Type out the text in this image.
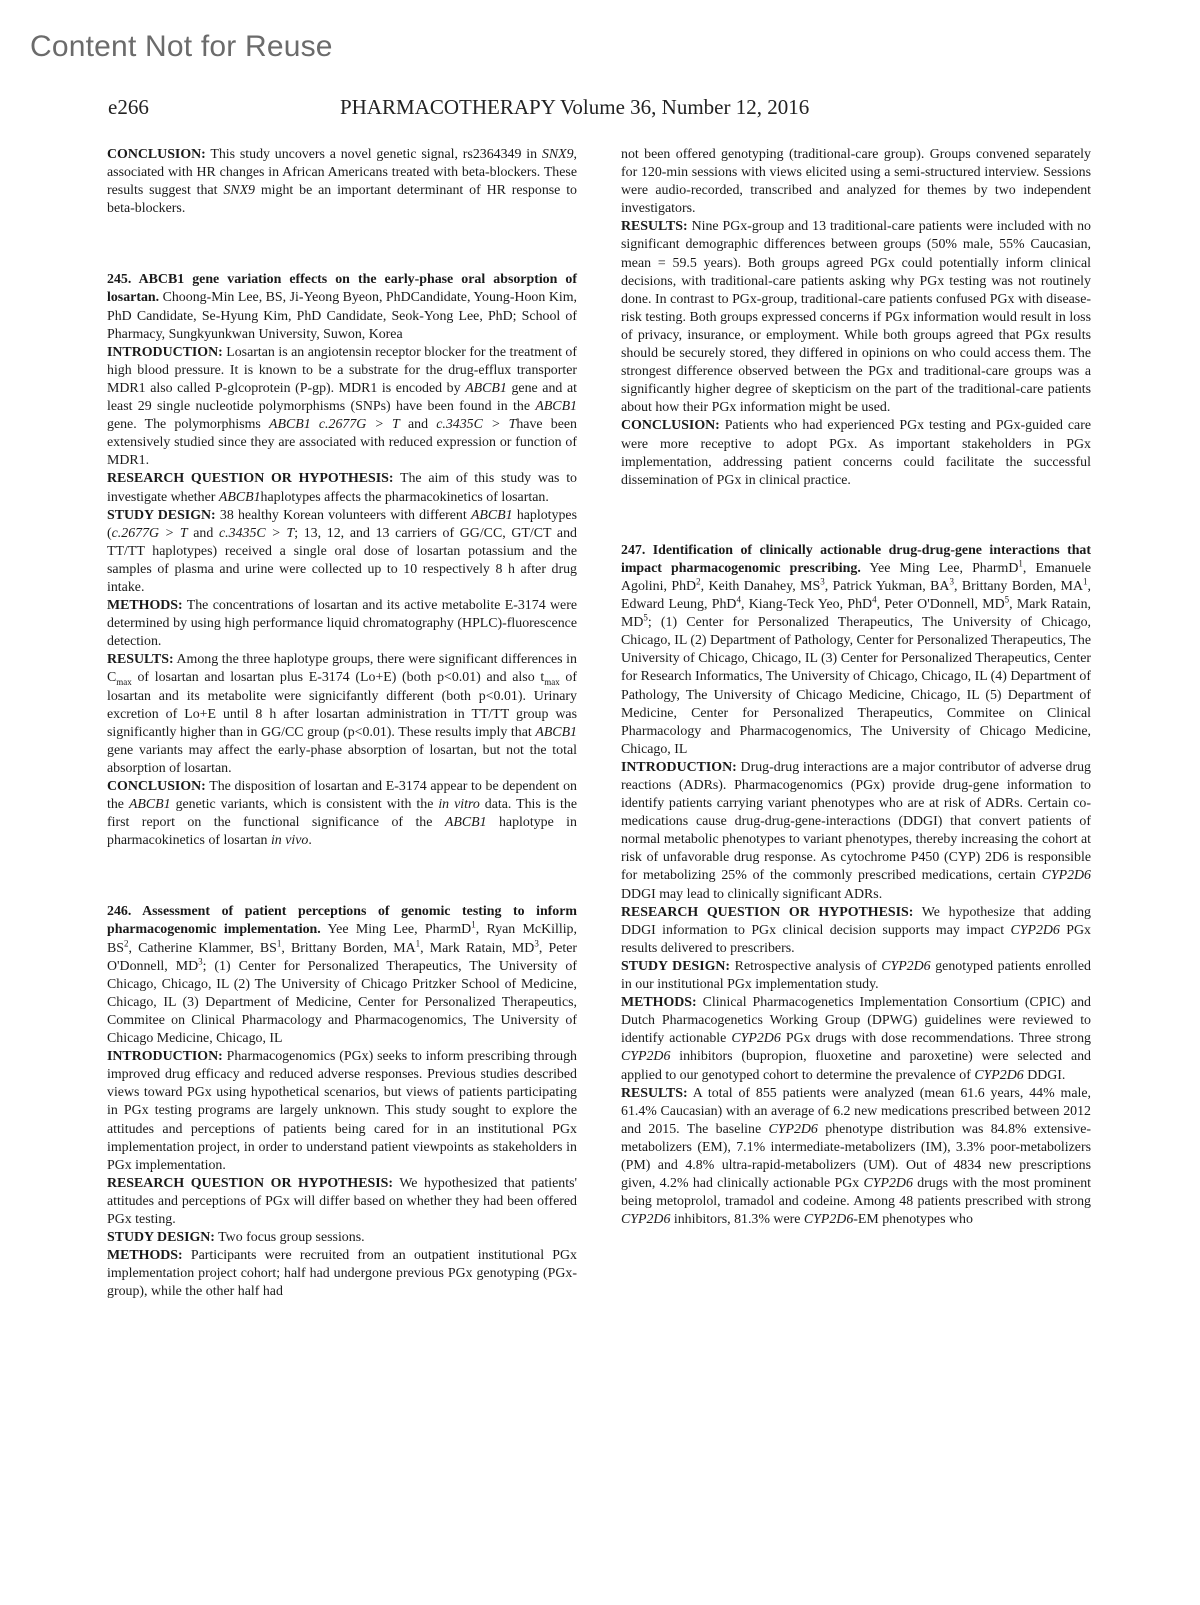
Content Not for Reuse
e266	PHARMACOTHERAPY Volume 36, Number 12, 2016

CONCLUSION: This study uncovers a novel genetic signal, rs2364349 in SNX9, associated with HR changes in African Americans treated with beta-blockers. These results suggest that SNX9 might be an important determinant of HR response to beta-blockers.

245. ABCB1 gene variation effects on the early-phase oral absorption of losartan. Choong-Min Lee, BS, Ji-Yeong Byeon, PhDCandidate, Young-Hoon Kim, PhD Candidate, Se-Hyung Kim, PhD Candidate, Seok-Yong Lee, PhD; School of Pharmacy, Sungkyunkwan University, Suwon, Korea

INTRODUCTION: Losartan is an angiotensin receptor blocker for the treatment of high blood pressure. It is known to be a substrate for the drug-efflux transporter MDR1 also called P-glcoprotein (P-gp). MDR1 is encoded by ABCB1 gene and at least 29 single nucleotide polymorphisms (SNPs) have been found in the ABCB1 gene. The polymorphisms ABCB1 c.2677G > T and c.3435C > Thave been extensively studied since they are associated with reduced expression or function of MDR1.

RESEARCH QUESTION OR HYPOTHESIS: The aim of this study was to investigate whether ABCB1haplotypes affects the pharmacokinetics of losartan.

STUDY DESIGN: 38 healthy Korean volunteers with different ABCB1 haplotypes (c.2677G > T and c.3435C > T; 13, 12, and 13 carriers of GG/CC, GT/CT and TT/TT haplotypes) received a single oral dose of losartan potassium and the samples of plasma and urine were collected up to 10 respectively 8 h after drug intake.

METHODS: The concentrations of losartan and its active metabolite E-3174 were determined by using high performance liquid chromatography (HPLC)-fluorescence detection.

RESULTS: Among the three haplotype groups, there were significant differences in $C_{max}$ of losartan and losartan plus E-3174 (Lo+E) (both p<0.01) and also $t_{max}$ of losartan and its metabolite were signicifantly different (both p<0.01). Urinary excretion of Lo+E until 8 h after losartan administration in TT/TT group was significantly higher than in GG/CC group (p<0.01). These results imply that ABCB1 gene variants may affect the early-phase absorption of losartan, but not the total absorption of losartan.

CONCLUSION: The disposition of losartan and E-3174 appear to be dependent on the ABCB1 genetic variants, which is consistent with the in vitro data. This is the first report on the functional significance of the ABCB1 haplotype in pharmacokinetics of losartan in vivo.

246. Assessment of patient perceptions of genomic testing to inform pharmacogenomic implementation. Yee Ming Lee, PharmD$^1$, Ryan McKillip, $BS^2$, Catherine Klammer, $BS^1$, Brittany Borden, $MA^1$, Mark Ratain, $MD^3$, Peter O'Donnell, $MD^3$; (1) Center for Personalized Therapeutics, The University of Chicago, Chicago, IL (2) The University of Chicago Pritzker School of Medicine, Chicago, IL (3) Department of Medicine, Center for Personalized Therapeutics, Commitee on Clinical Pharmacology and Pharmacogenomics, The University of Chicago Medicine, Chicago, IL

INTRODUCTION: Pharmacogenomics (PGx) seeks to inform prescribing through improved drug efficacy and reduced adverse responses. Previous studies described views toward PGx using hypothetical scenarios, but views of patients participating in PGx testing programs are largely unknown. This study sought to explore the attitudes and perceptions of patients being cared for in an institutional PGx implementation project, in order to understand patient viewpoints as stakeholders in PGx implementation.

RESEARCH QUESTION OR HYPOTHESIS: We hypothesized that patients' attitudes and perceptions of PGx will differ based on whether they had been offered PGx testing.

STUDY DESIGN: Two focus group sessions.

METHODS: Participants were recruited from an outpatient institutional PGx implementation project cohort; half had undergone previous PGx genotyping (PGx-group), while the other half had

not been offered genotyping (traditional-care group). Groups convened separately for 120-min sessions with views elicited using a semi-structured interview. Sessions were audio-recorded, transcribed and analyzed for themes by two independent investigators.

RESULTS: Nine PGx-group and 13 traditional-care patients were included with no significant demographic differences between groups (50% male, 55% Caucasian, mean = 59.5 years). Both groups agreed PGx could potentially inform clinical decisions, with traditional-care patients asking why PGx testing was not routinely done. In contrast to PGx-group, traditional-care patients confused PGx with disease-risk testing. Both groups expressed concerns if PGx information would result in loss of privacy, insurance, or employment. While both groups agreed that PGx results should be securely stored, they differed in opinions on who could access them. The strongest difference observed between the PGx and traditional-care groups was a significantly higher degree of skepticism on the part of the traditional-care patients about how their PGx information might be used.

CONCLUSION: Patients who had experienced PGx testing and PGx-guided care were more receptive to adopt PGx. As important stakeholders in PGx implementation, addressing patient concerns could facilitate the successful dissemination of PGx in clinical practice.

247. Identification of clinically actionable drug-drug-gene interactions that impact pharmacogenomic prescribing. Yee Ming Lee, PharmD$^1$, Emanuele Agolini, PhD$^2$, Keith Danahey, $MS^3$, Patrick Yukman, $BA^3$, Brittany Borden, $MA^1$, Edward Leung, PhD$^4$, Kiang-Teck Yeo, PhD$^4$, Peter O'Donnell, $MD^5$, Mark Ratain, $MD^5$; (1) Center for Personalized Therapeutics, The University of Chicago, Chicago, IL (2) Department of Pathology, Center for Personalized Therapeutics, The University of Chicago, Chicago, IL (3) Center for Personalized Therapeutics, Center for Research Informatics, The University of Chicago, Chicago, IL (4) Department of Pathology, The University of Chicago Medicine, Chicago, IL (5) Department of Medicine, Center for Personalized Therapeutics, Commitee on Clinical Pharmacology and Pharmacogenomics, The University of Chicago Medicine, Chicago, IL

INTRODUCTION: Drug-drug interactions are a major contributor of adverse drug reactions (ADRs). Pharmacogenomics (PGx) provide drug-gene information to identify patients carrying variant phenotypes who are at risk of ADRs. Certain co-medications cause drug-drug-gene-interactions (DDGI) that convert patients of normal metabolic phenotypes to variant phenotypes, thereby increasing the cohort at risk of unfavorable drug response. As cytochrome P450 (CYP) 2D6 is responsible for metabolizing 25% of the commonly prescribed medications, certain CYP2D6 DDGI may lead to clinically significant ADRs.

RESEARCH QUESTION OR HYPOTHESIS: We hypothesize that adding DDGI information to PGx clinical decision supports may impact CYP2D6 PGx results delivered to prescribers.

STUDY DESIGN: Retrospective analysis of CYP2D6 genotyped patients enrolled in our institutional PGx implementation study.

METHODS: Clinical Pharmacogenetics Implementation Consortium (CPIC) and Dutch Pharmacogenetics Working Group (DPWG) guidelines were reviewed to identify actionable CYP2D6 PGx drugs with dose recommendations. Three strong CYP2D6 inhibitors (bupropion, fluoxetine and paroxetine) were selected and applied to our genotyped cohort to determine the prevalence of CYP2D6 DDGI.

RESULTS: A total of 855 patients were analyzed (mean 61.6 years, 44% male, 61.4% Caucasian) with an average of 6.2 new medications prescribed between 2012 and 2015. The baseline CYP2D6 phenotype distribution was 84.8% extensive-metabolizers (EM), 7.1% intermediate-metabolizers (IM), 3.3% poor-metabolizers (PM) and 4.8% ultra-rapid-metabolizers (UM). Out of 4834 new prescriptions given, 4.2% had clinically actionable PGx CYP2D6 drugs with the most prominent being metoprolol, tramadol and codeine. Among 48 patients prescribed with strong CYP2D6 inhibitors, 81.3% were CYP2D6-EM phenotypes who
